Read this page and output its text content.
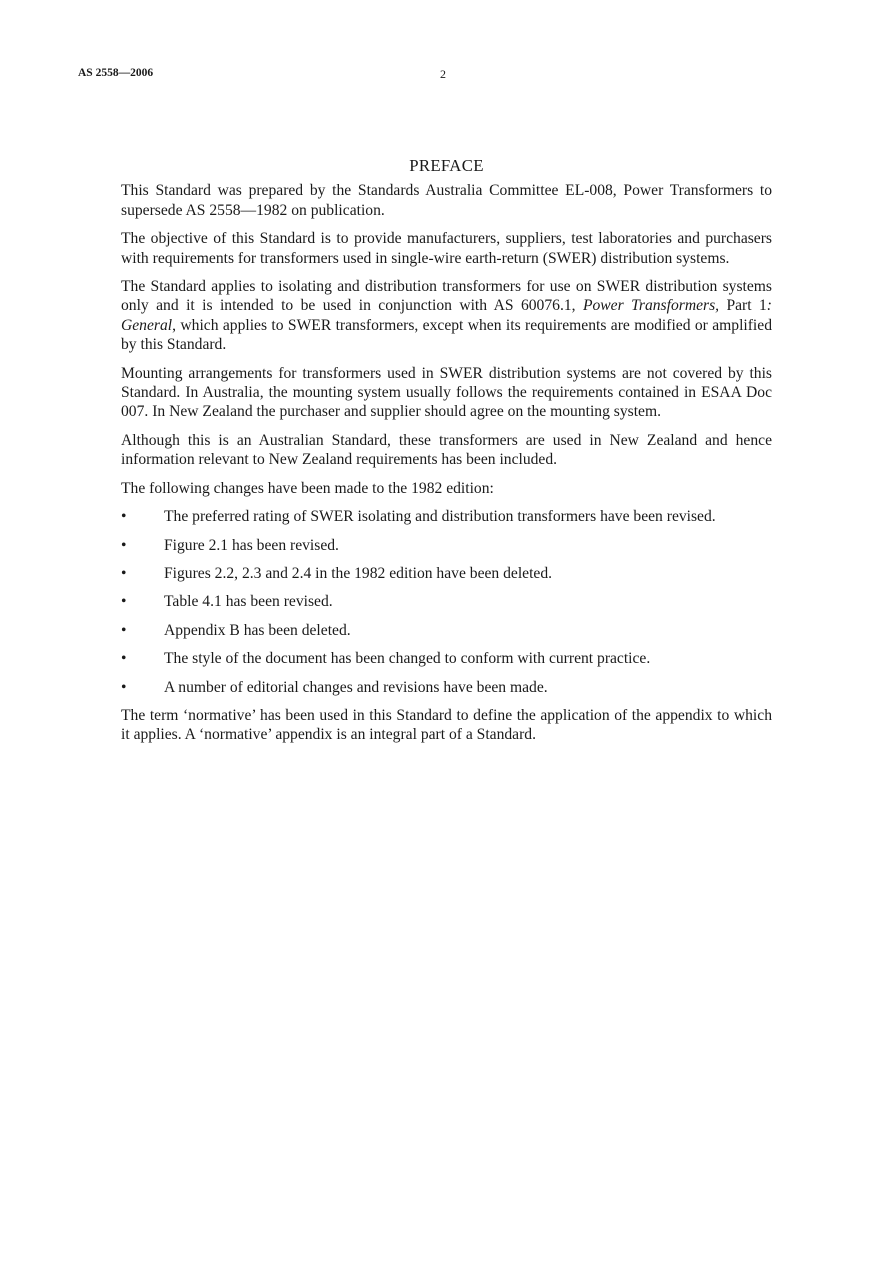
AS 2558—2006	2
PREFACE

This Standard was prepared by the Standards Australia Committee EL-008, Power Transformers to supersede AS 2558—1982 on publication.

The objective of this Standard is to provide manufacturers, suppliers, test laboratories and purchasers with requirements for transformers used in single-wire earth-return (SWER) distribution systems.

The Standard applies to isolating and distribution transformers for use on SWER distribution systems only and it is intended to be used in conjunction with AS 60076.1, Power Transformers, Part 1: General, which applies to SWER transformers, except when its requirements are modified or amplified by this Standard.

Mounting arrangements for transformers used in SWER distribution systems are not covered by this Standard. In Australia, the mounting system usually follows the requirements contained in ESAA Doc 007. In New Zealand the purchaser and supplier should agree on the mounting system.

Although this is an Australian Standard, these transformers are used in New Zealand and hence information relevant to New Zealand requirements has been included.

The following changes have been made to the 1982 edition:

• The preferred rating of SWER isolating and distribution transformers have been revised.
• Figure 2.1 has been revised.
• Figures 2.2, 2.3 and 2.4 in the 1982 edition have been deleted.
• Table 4.1 has been revised.
• Appendix B has been deleted.
• The style of the document has been changed to conform with current practice.
• A number of editorial changes and revisions have been made.

The term ‘normative’ has been used in this Standard to define the application of the appendix to which it applies. A ‘normative’ appendix is an integral part of a Standard.
